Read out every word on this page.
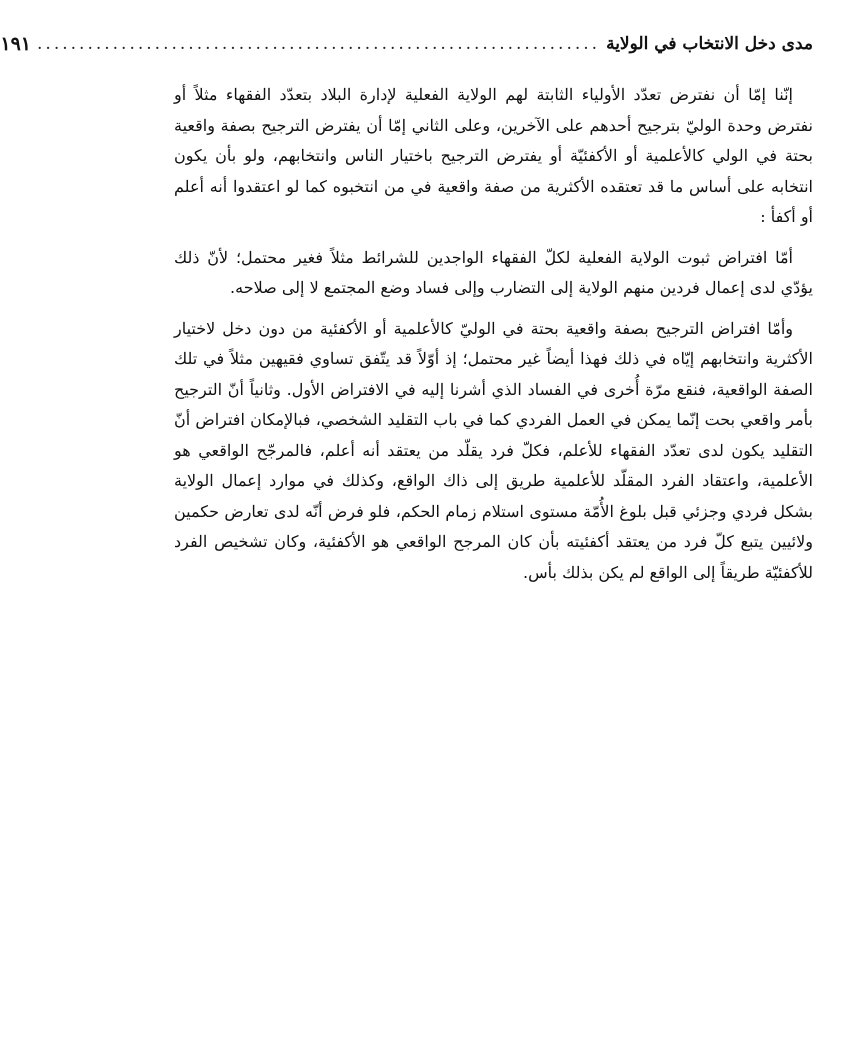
مدى دخل الانتخاب في الولاية
...................................................................
١٩١

إنّنا إمّا أن نفترض تعدّد الأولياء الثابتة لهم الولاية الفعلية لإدارة البلاد بتعدّد الفقهاء مثلاً أو نفترض وحدة الوليّ بترجيح أحدهم على الآخرين، وعلى الثاني إمّا أن يفترض الترجيح بصفة واقعية بحتة في الولي كالأعلمية أو الأكفئيّة أو يفترض الترجيح باختيار الناس وانتخابهم، ولو بأن يكون انتخابه على أساس ما قد تعتقده الأكثرية من صفة واقعية في من انتخبوه كما لو اعتقدوا أنه أعلم أو أكفأ :

أمّا افتراض ثبوت الولاية الفعلية لكلّ الفقهاء الواجدين للشرائط مثلاً فغير محتمل؛ لأنّ ذلك يؤدّي لدى إعمال فردين منهم الولاية إلى التضارب وإلى فساد وضع المجتمع لا إلى صلاحه.

وأمّا افتراض الترجيح بصفة واقعية بحتة في الوليّ كالأعلمية أو الأكفئية من دون دخل لاختيار الأكثرية وانتخابهم إيّاه في ذلك فهذا أيضاً غير محتمل؛ إذ أوّلاً قد يتّفق تساوي فقيهين مثلاً في تلك الصفة الواقعية، فنقع مرّة أُخرى في الفساد الذي أشرنا إليه في الافتراض الأول. وثانياً أنّ الترجيح بأمر واقعي بحت إنّما يمكن في العمل الفردي كما في باب التقليد الشخصي، فبالإمكان افتراض أنّ التقليد يكون لدى تعدّد الفقهاء للأعلم، فكلّ فرد يقلّد من يعتقد أنه أعلم، فالمرجّح الواقعي هو الأعلمية، واعتقاد الفرد المقلّد للأعلمية طريق إلى ذاك الواقع، وكذلك في موارد إعمال الولاية بشكل فردي وجزئي قبل بلوغ الأُمّة مستوى استلام زمام الحكم، فلو فرض أنّه لدى تعارض حكمين ولائيين يتبع كلّ فرد من يعتقد أكفئيته بأن كان المرجح الواقعي هو الأكفئية، وكان تشخيص الفرد للأكفئيّة طريقاً إلى الواقع لم يكن بذلك بأس.
